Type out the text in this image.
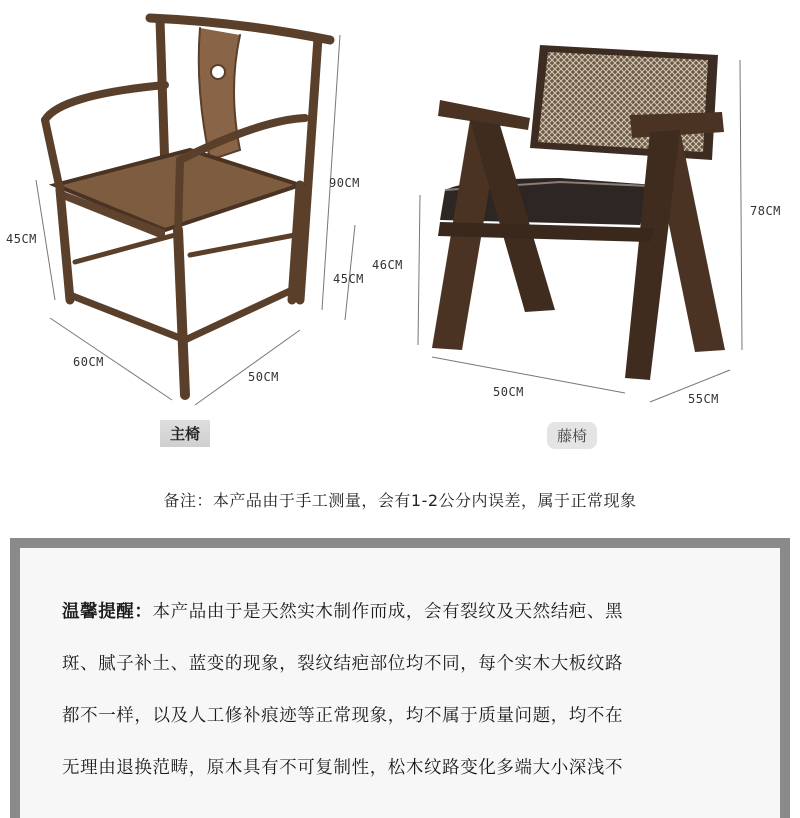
90CM
45CM
45CM
60CM
50CM
78CM
46CM
50CM	55CM
主椅	藤椅
备注：本产品由于手工测量，会有1-2公分内误差，属于正常现象

温馨提醒：本产品由于是天然实木制作而成，会有裂纹及天然结疤、黑

斑、腻子补土、蓝变的现象，裂纹结疤部位均不同，每个实木大板纹路

都不一样，以及人工修补痕迹等正常现象，均不属于质量问题，均不在

无理由退换范畴，原木具有不可复制性，松木纹路变化多端大小深浅不
